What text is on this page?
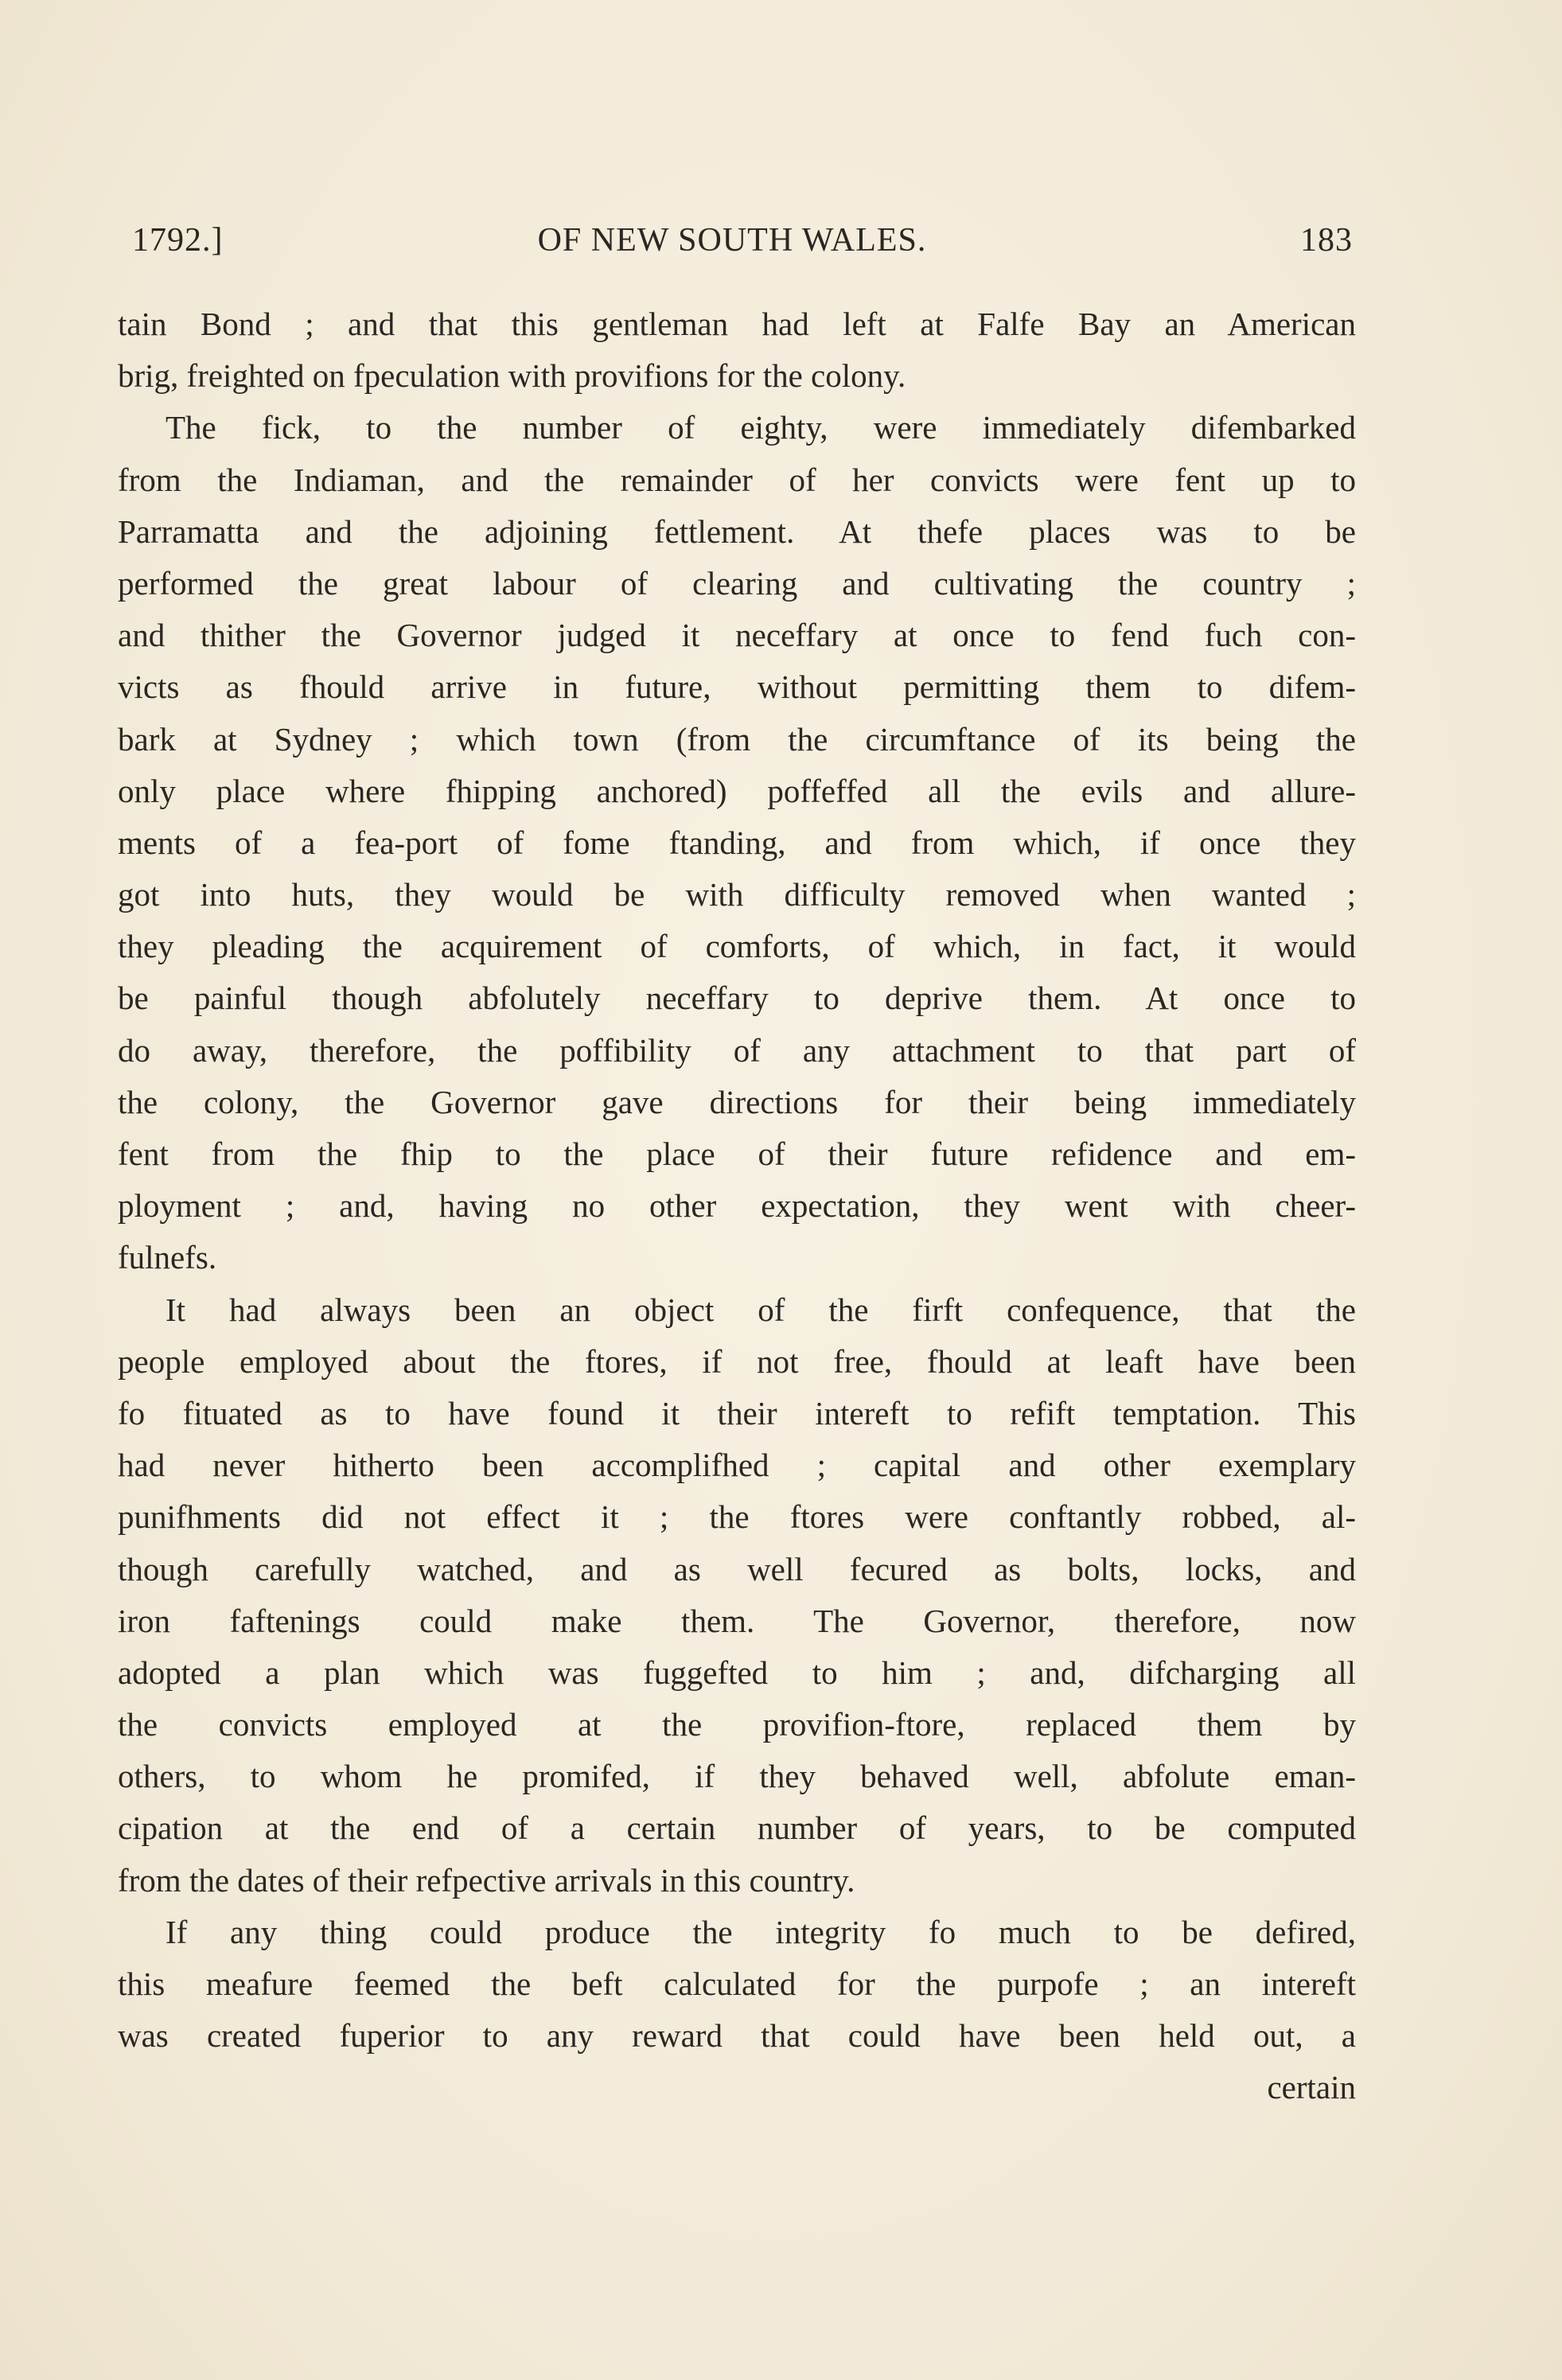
1792.]	OF NEW SOUTH WALES.	183
tain Bond ; and that this gentleman had left at Falfe Bay an American
brig, freighted on fpeculation with provifions for the colony.
The fick, to the number of eighty, were immediately difembarked
from the Indiaman, and the remainder of her convicts were fent up to
Parramatta and the adjoining fettlement. At thefe places was to be
performed the great labour of clearing and cultivating the country ;
and thither the Governor judged it neceffary at once to fend fuch con-
victs as fhould arrive in future, without permitting them to difem-
bark at Sydney ; which town (from the circumftance of its being the
only place where fhipping anchored) poffeffed all the evils and allure-
ments of a fea-port of fome ftanding, and from which, if once they
got into huts, they would be with difficulty removed when wanted ;
they pleading the acquirement of comforts, of which, in fact, it would
be painful though abfolutely neceffary to deprive them. At once to
do away, therefore, the poffibility of any attachment to that part of
the colony, the Governor gave directions for their being immediately
fent from the fhip to the place of their future refidence and em-
ployment ; and, having no other expectation, they went with cheer-
fulnefs.
It had always been an object of the firft confequence, that the
people employed about the ftores, if not free, fhould at leaft have been
fo fituated as to have found it their intereft to refift temptation. This
had never hitherto been accomplifhed ; capital and other exemplary
punifhments did not effect it ; the ftores were conftantly robbed, al-
though carefully watched, and as well fecured as bolts, locks, and
iron faftenings could make them. The Governor, therefore, now
adopted a plan which was fuggefted to him ; and, difcharging all
the convicts employed at the provifion-ftore, replaced them by
others, to whom he promifed, if they behaved well, abfolute eman-
cipation at the end of a certain number of years, to be computed
from the dates of their refpective arrivals in this country.
If any thing could produce the integrity fo much to be defired,
this meafure feemed the beft calculated for the purpofe ; an intereft
was created fuperior to any reward that could have been held out, a
certain
